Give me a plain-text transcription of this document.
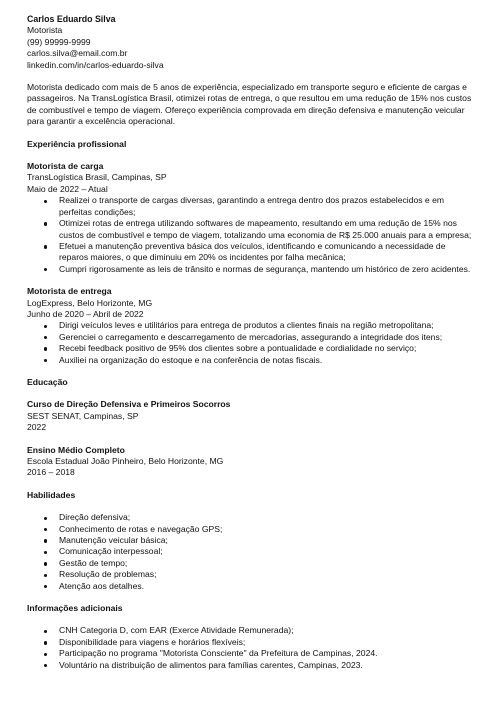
Carlos Eduardo Silva
Motorista
(99) 99999-9999
carlos.silva@email.com.br
linkedin.com/in/carlos-eduardo-silva
Motorista dedicado com mais de 5 anos de experiência, especializado em transporte seguro e eficiente de cargas e passageiros. Na TransLogística Brasil, otimizei rotas de entrega, o que resultou em uma redução de 15% nos custos de combustível e tempo de viagem. Ofereço experiência comprovada em direção defensiva e manutenção veicular para garantir a excelência operacional.
Experiência profissional
Motorista de carga
TransLogística Brasil, Campinas, SP
Maio de 2022 – Atual
Realizei o transporte de cargas diversas, garantindo a entrega dentro dos prazos estabelecidos e em perfeitas condições;
Otimizei rotas de entrega utilizando softwares de mapeamento, resultando em uma redução de 15% nos custos de combustível e tempo de viagem, totalizando uma economia de R$ 25.000 anuais para a empresa;
Efetuei a manutenção preventiva básica dos veículos, identificando e comunicando a necessidade de reparos maiores, o que diminuiu em 20% os incidentes por falha mecânica;
Cumpri rigorosamente as leis de trânsito e normas de segurança, mantendo um histórico de zero acidentes.
Motorista de entrega
LogExpress, Belo Horizonte, MG
Junho de 2020 – Abril de 2022
Dirigi veículos leves e utilitários para entrega de produtos a clientes finais na região metropolitana;
Gerenciei o carregamento e descarregamento de mercadorias, assegurando a integridade dos itens;
Recebi feedback positivo de 95% dos clientes sobre a pontualidade e cordialidade no serviço;
Auxiliei na organização do estoque e na conferência de notas fiscais.
Educação
Curso de Direção Defensiva e Primeiros Socorros
SEST SENAT, Campinas, SP
2022
Ensino Médio Completo
Escola Estadual João Pinheiro, Belo Horizonte, MG
2016 – 2018
Habilidades
Direção defensiva;
Conhecimento de rotas e navegação GPS;
Manutenção veicular básica;
Comunicação interpessoal;
Gestão de tempo;
Resolução de problemas;
Atenção aos detalhes.
Informações adicionais
CNH Categoria D, com EAR (Exerce Atividade Remunerada);
Disponibilidade para viagens e horários flexíveis;
Participação no programa "Motorista Consciente" da Prefeitura de Campinas, 2024.
Voluntário na distribuição de alimentos para famílias carentes, Campinas, 2023.
